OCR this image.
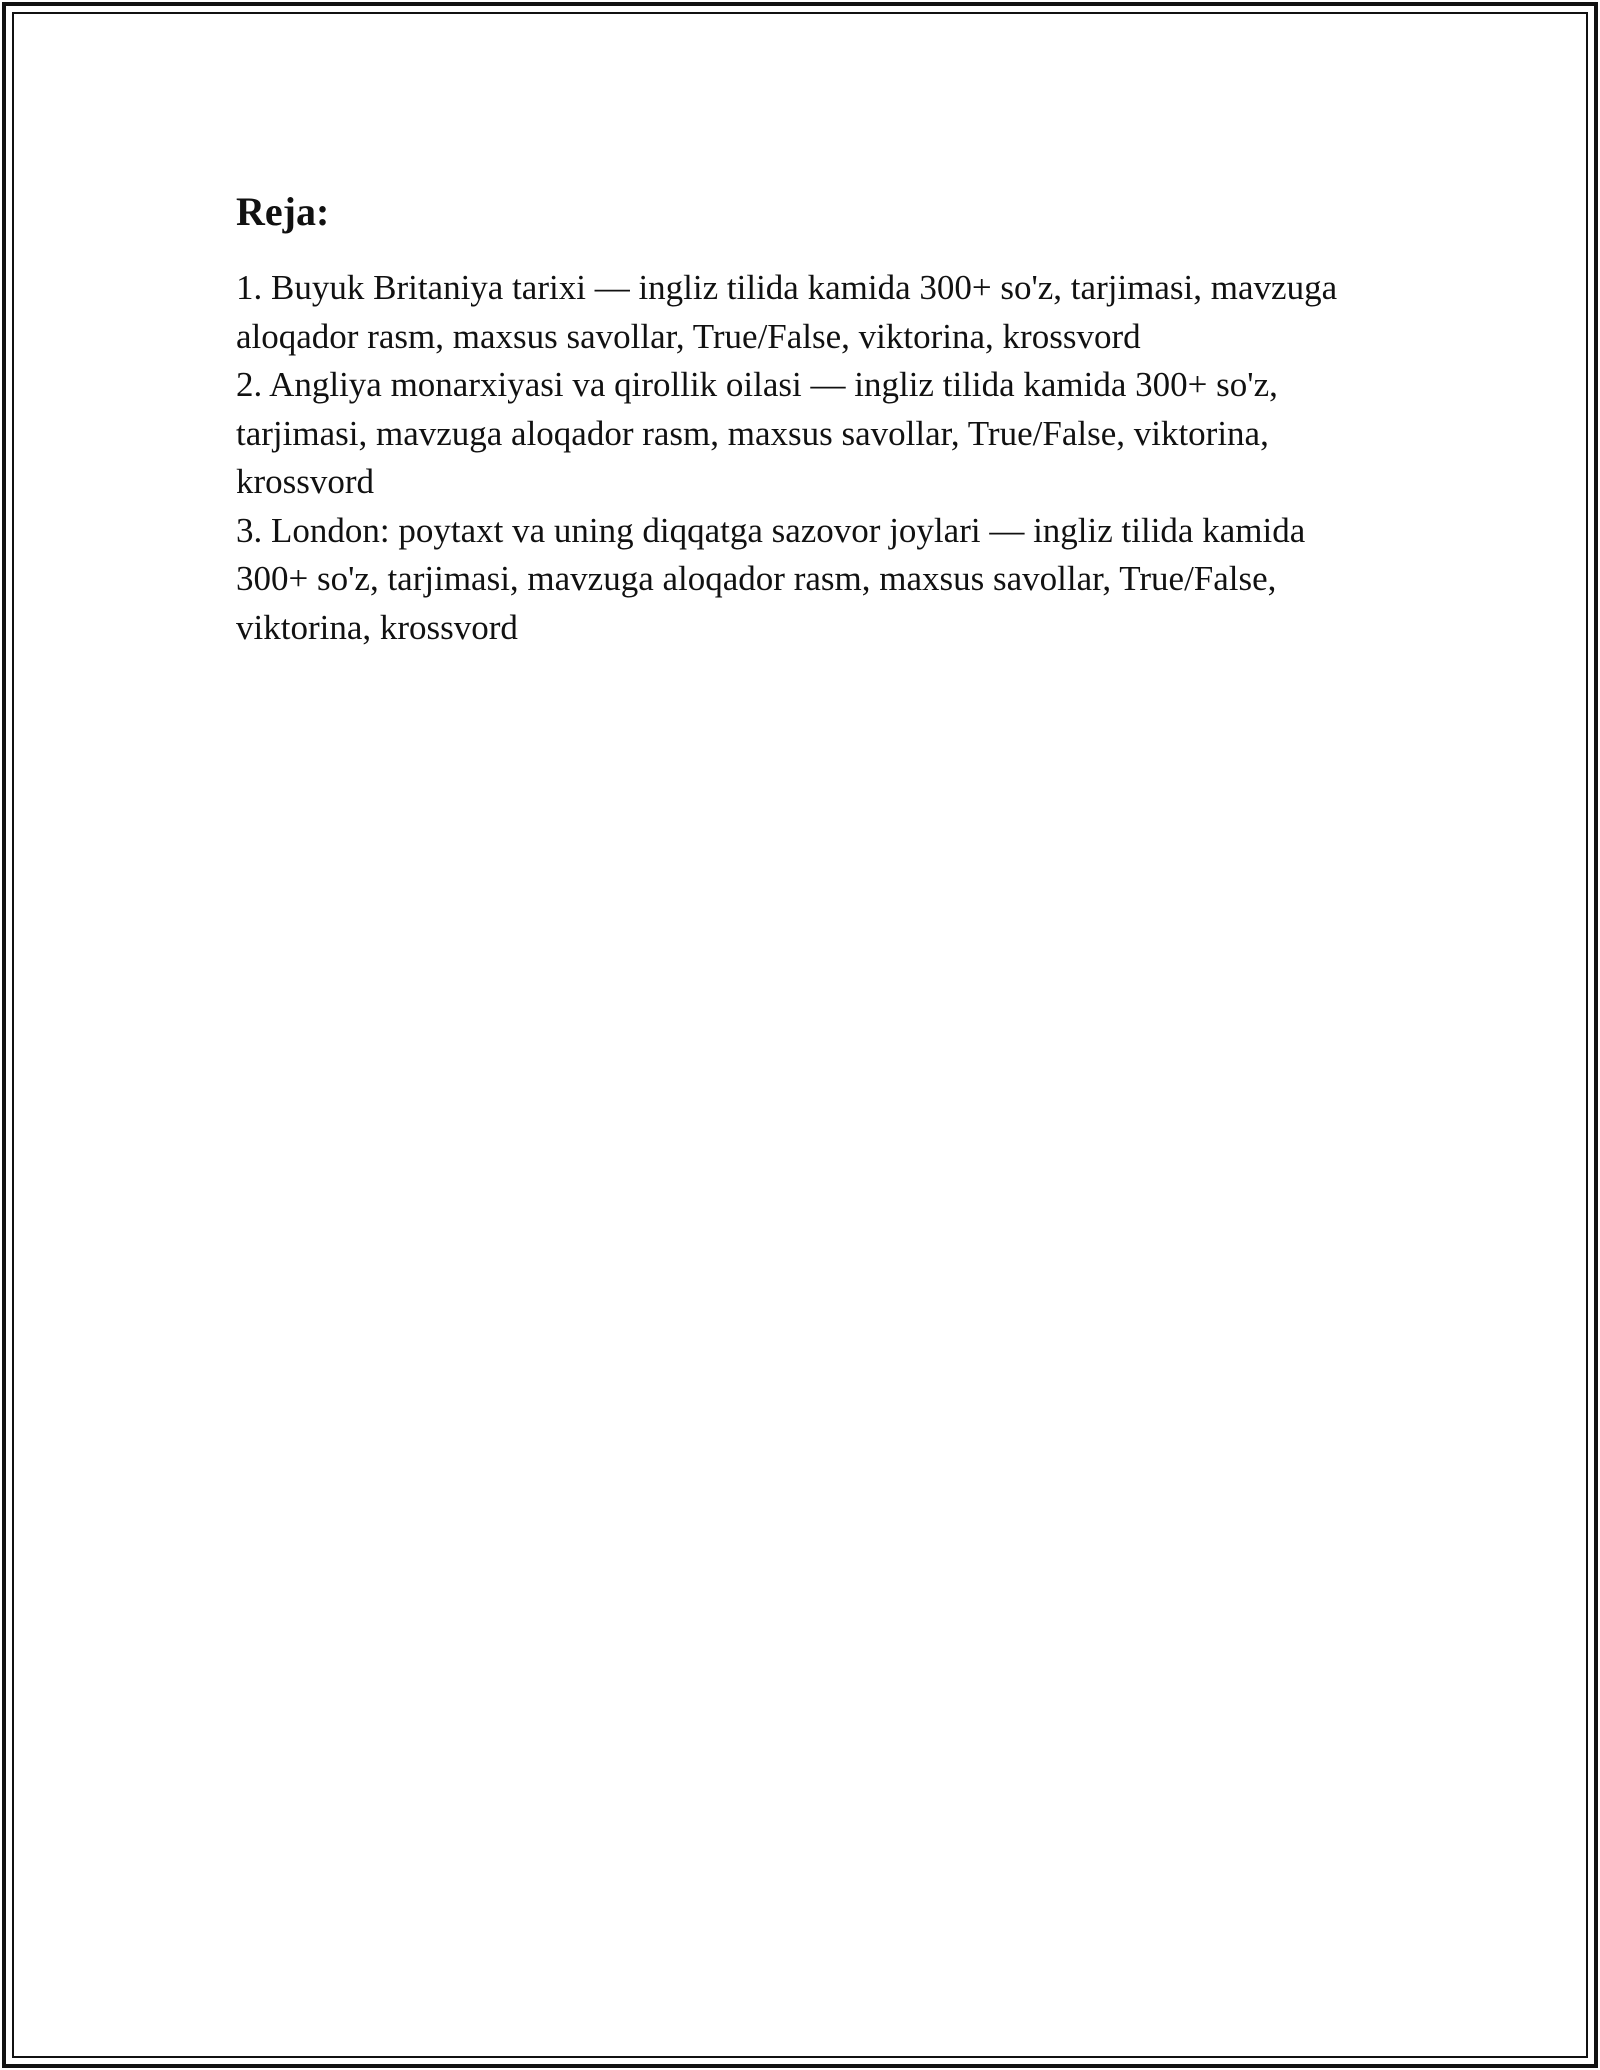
Reja:
1. Buyuk Britaniya tarixi — ingliz tilida kamida 300+ so'z, tarjimasi, mavzuga aloqador rasm, maxsus savollar, True/False, viktorina, krossvord
2. Angliya monarxiyasi va qirollik oilasi — ingliz tilida kamida 300+ so'z, tarjimasi, mavzuga aloqador rasm, maxsus savollar, True/False, viktorina, krossvord
3. London: poytaxt va uning diqqatga sazovor joylari — ingliz tilida kamida 300+ so'z, tarjimasi, mavzuga aloqador rasm, maxsus savollar, True/False, viktorina, krossvord
